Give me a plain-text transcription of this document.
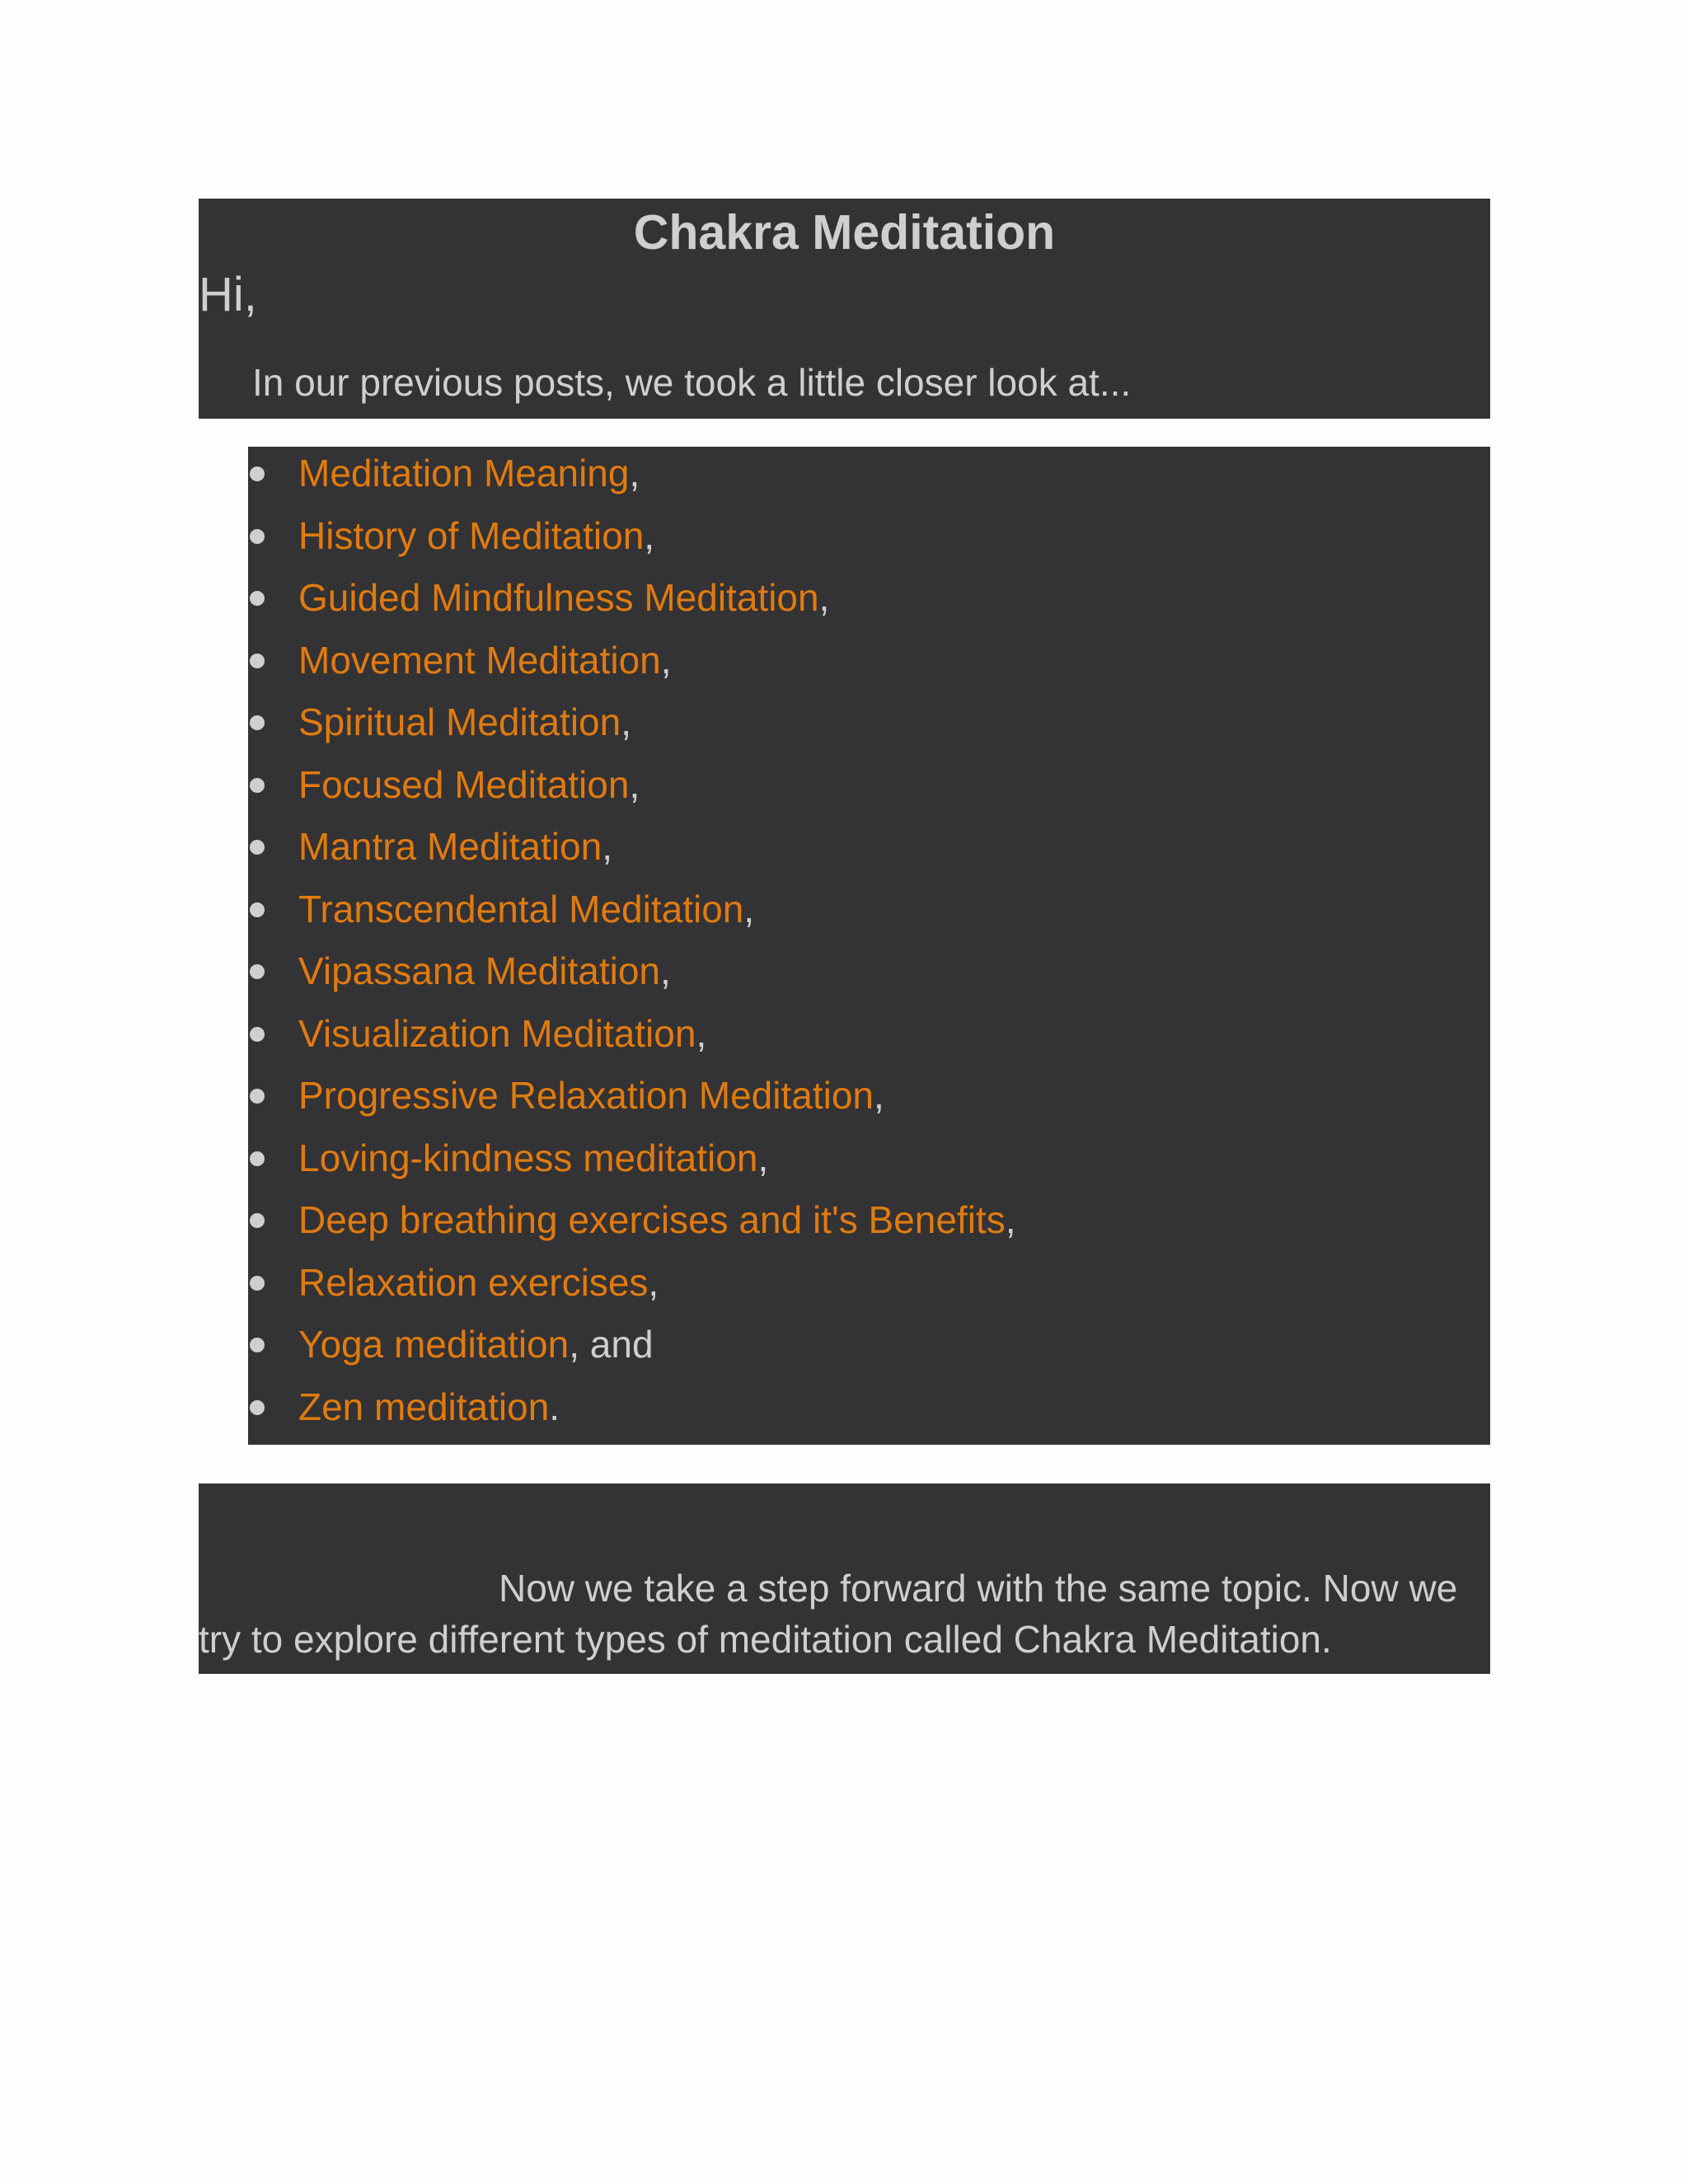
Chakra Meditation
Hi,
In our previous posts, we took a little closer look at...
Meditation Meaning,
History of Meditation,
Guided Mindfulness Meditation,
Movement Meditation,
Spiritual Meditation,
Focused Meditation,
Mantra Meditation,
Transcendental Meditation,
Vipassana Meditation,
Visualization Meditation,
Progressive Relaxation Meditation,
Loving-kindness meditation,
Deep breathing exercises and it's Benefits,
Relaxation exercises,
Yoga meditation, and
Zen meditation.

Now we take a step forward with the same topic. Now we try to explore different types of meditation called Chakra Meditation.
